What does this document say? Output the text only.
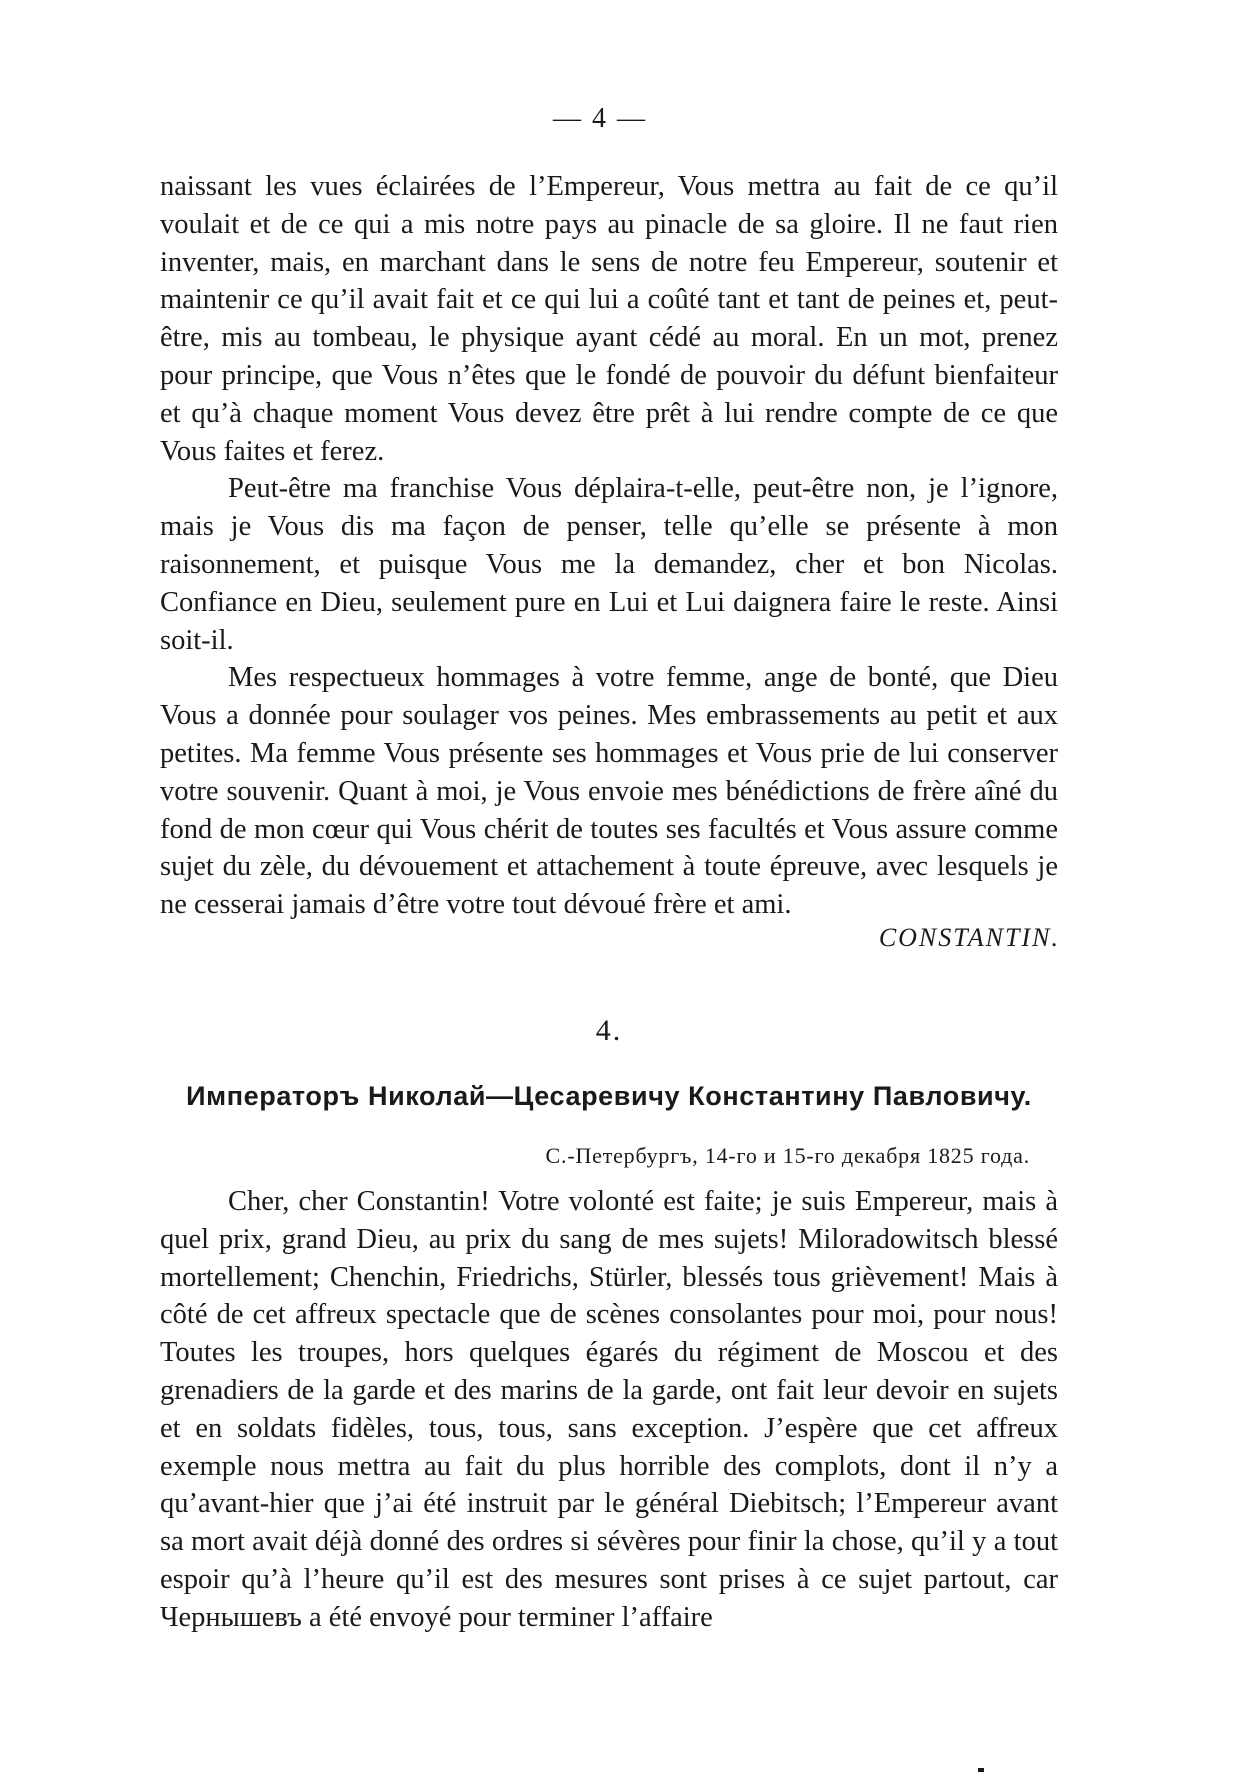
— 4 —

naissant les vues éclairées de l’Empereur, Vous mettra au fait de ce qu’il voulait et de ce qui a mis notre pays au pinacle de sa gloire. Il ne faut rien inventer, mais, en marchant dans le sens de notre feu Empereur, soutenir et maintenir ce qu’il avait fait et ce qui lui a coûté tant et tant de peines et, peut-être, mis au tombeau, le physique ayant cédé au moral. En un mot, prenez pour principe, que Vous n’êtes que le fondé de pouvoir du défunt bienfaiteur et qu’à chaque moment Vous devez être prêt à lui rendre compte de ce que Vous faites et ferez.

Peut-être ma franchise Vous déplaira-t-elle, peut-être non, je l’ignore, mais je Vous dis ma façon de penser, telle qu’elle se présente à mon raisonnement, et puisque Vous me la demandez, cher et bon Nicolas. Confiance en Dieu, seulement pure en Lui et Lui daignera faire le reste. Ainsi soit-il.

Mes respectueux hommages à votre femme, ange de bonté, que Dieu Vous a donnée pour soulager vos peines. Mes embrassements au petit et aux petites. Ma femme Vous présente ses hommages et Vous prie de lui conserver votre souvenir. Quant à moi, je Vous envoie mes bénédictions de frère aîné du fond de mon cœur qui Vous chérit de toutes ses facultés et Vous assure comme sujet du zèle, du dévouement et attachement à toute épreuve, avec lesquels je ne cesserai jamais d’être votre tout dévoué frère et ami.

CONSTANTIN.
4.
Императоръ Николай—Цесаревичу Константину Павловичу.
С.-Петербургъ, 14-го и 15-го декабря 1825 года.

Cher, cher Constantin! Votre volonté est faite; je suis Empereur, mais à quel prix, grand Dieu, au prix du sang de mes sujets! Miloradowitsch blessé mortellement; Chenchin, Friedrichs, Stürler, blessés tous grièvement! Mais à côté de cet affreux spectacle que de scènes consolantes pour moi, pour nous! Toutes les troupes, hors quelques égarés du régiment de Moscou et des grenadiers de la garde et des marins de la garde, ont fait leur devoir en sujets et en soldats fidèles, tous, tous, sans exception. J’espère que cet affreux exemple nous mettra au fait du plus horrible des complots, dont il n’y a qu’avant-hier que j’ai été instruit par le général Diebitsch; l’Empereur avant sa mort avait déjà donné des ordres si sévères pour finir la chose, qu’il y a tout espoir qu’à l’heure qu’il est des mesures sont prises à ce sujet partout, car Чернышевъ a été envoyé pour terminer l’affaire
